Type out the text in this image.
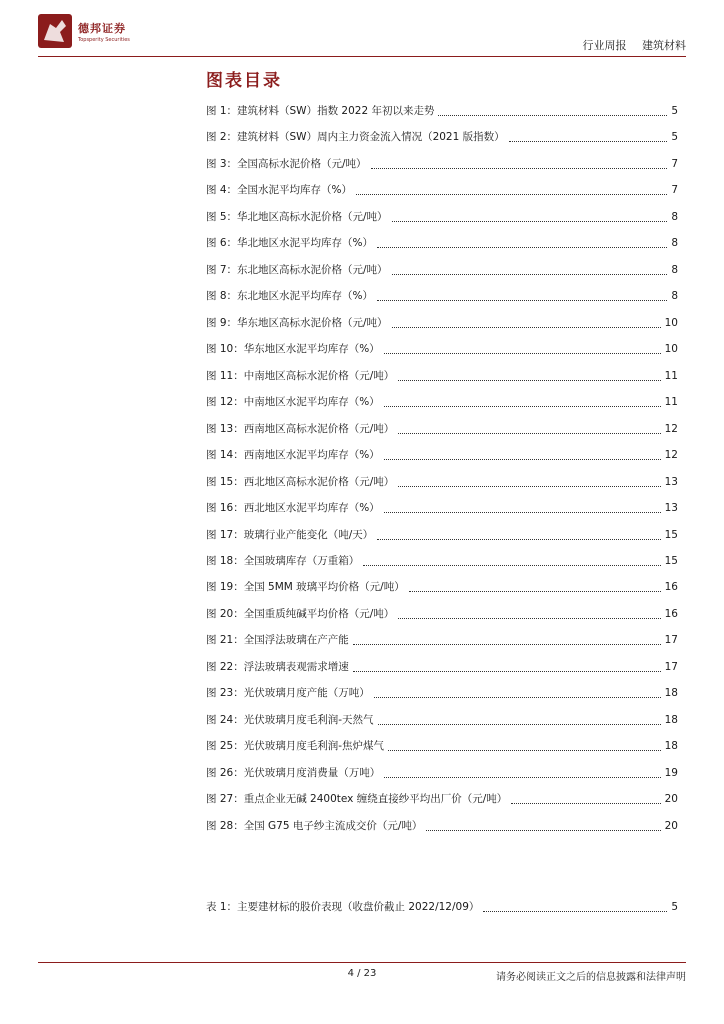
德邦证券
Topsperity Securities	行业周报 建筑材料
图表目录
图 1：建筑材料（SW）指数 2022 年初以来走势	5
图 2：建筑材料（SW）周内主力资金流入情况（2021 版指数）	5
图 3：全国高标水泥价格（元/吨）	7
图 4：全国水泥平均库存（%）	7
图 5：华北地区高标水泥价格（元/吨）	8
图 6：华北地区水泥平均库存（%）	8
图 7：东北地区高标水泥价格（元/吨）	8
图 8：东北地区水泥平均库存（%）	8
图 9：华东地区高标水泥价格（元/吨）	10
图 10：华东地区水泥平均库存（%）	10
图 11：中南地区高标水泥价格（元/吨）	11
图 12：中南地区水泥平均库存（%）	11
图 13：西南地区高标水泥价格（元/吨）	12
图 14：西南地区水泥平均库存（%）	12
图 15：西北地区高标水泥价格（元/吨）	13
图 16：西北地区水泥平均库存（%）	13
图 17：玻璃行业产能变化（吨/天）	15
图 18：全国玻璃库存（万重箱）	15
图 19：全国 5MM 玻璃平均价格（元/吨）	16
图 20：全国重质纯碱平均价格（元/吨）	16
图 21：全国浮法玻璃在产产能	17
图 22：浮法玻璃表观需求增速	17
图 23：光伏玻璃月度产能（万吨）	18
图 24：光伏玻璃月度毛利润-天然气	18
图 25：光伏玻璃月度毛利润-焦炉煤气	18
图 26：光伏玻璃月度消费量（万吨）	19
图 27：重点企业无碱 2400tex 缠绕直接纱平均出厂价（元/吨）	20
图 28：全国 G75 电子纱主流成交价（元/吨）	20
表 1：主要建材标的股价表现（收盘价截止 2022/12/09）	5
4 / 23	请务必阅读正文之后的信息披露和法律声明
